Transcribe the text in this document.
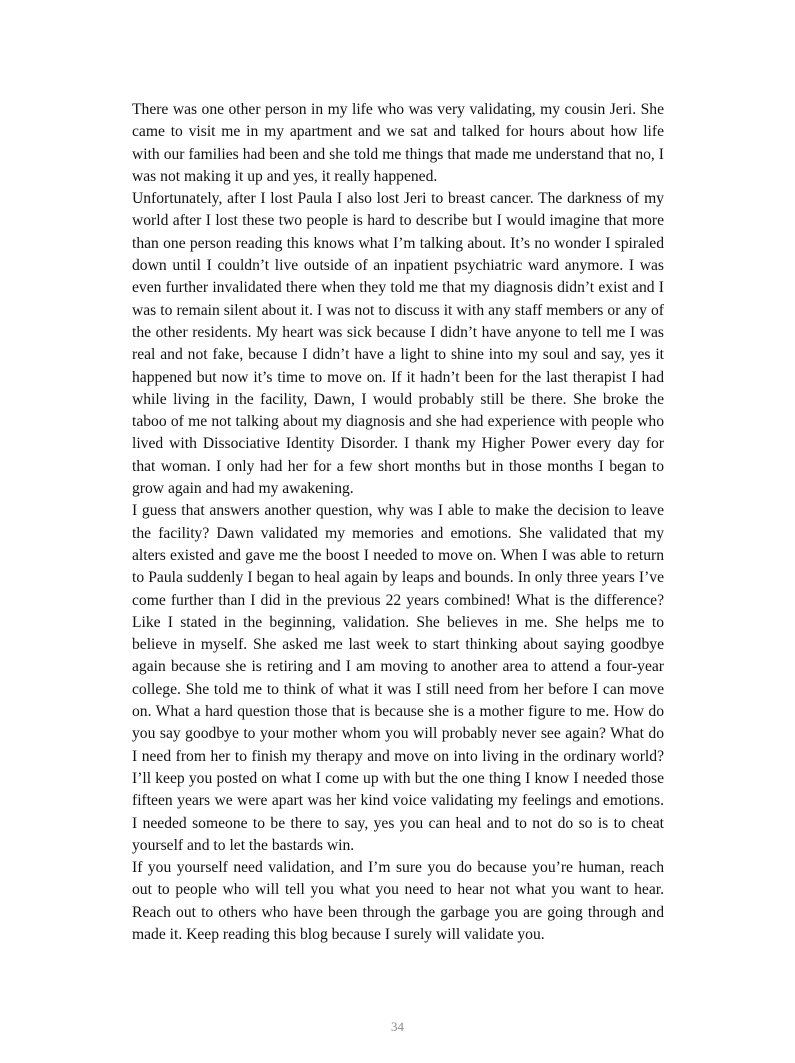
There was one other person in my life who was very validating, my cousin Jeri. She came to visit me in my apartment and we sat and talked for hours about how life with our families had been and she told me things that made me understand that no, I was not making it up and yes, it really happened.

Unfortunately, after I lost Paula I also lost Jeri to breast cancer. The darkness of my world after I lost these two people is hard to describe but I would imagine that more than one person reading this knows what I’m talking about. It’s no wonder I spiraled down until I couldn’t live outside of an inpatient psychiatric ward anymore. I was even further invalidated there when they told me that my diagnosis didn’t exist and I was to remain silent about it. I was not to discuss it with any staff members or any of the other residents. My heart was sick because I didn’t have anyone to tell me I was real and not fake, because I didn’t have a light to shine into my soul and say, yes it happened but now it’s time to move on. If it hadn’t been for the last therapist I had while living in the facility, Dawn, I would probably still be there. She broke the taboo of me not talking about my diagnosis and she had experience with people who lived with Dissociative Identity Disorder. I thank my Higher Power every day for that woman. I only had her for a few short months but in those months I began to grow again and had my awakening.

I guess that answers another question, why was I able to make the decision to leave the facility? Dawn validated my memories and emotions. She validated that my alters existed and gave me the boost I needed to move on. When I was able to return to Paula suddenly I began to heal again by leaps and bounds. In only three years I’ve come further than I did in the previous 22 years combined! What is the difference? Like I stated in the beginning, validation. She believes in me. She helps me to believe in myself. She asked me last week to start thinking about saying goodbye again because she is retiring and I am moving to another area to attend a four-year college. She told me to think of what it was I still need from her before I can move on. What a hard question those that is because she is a mother figure to me. How do you say goodbye to your mother whom you will probably never see again? What do I need from her to finish my therapy and move on into living in the ordinary world? I’ll keep you posted on what I come up with but the one thing I know I needed those fifteen years we were apart was her kind voice validating my feelings and emotions. I needed someone to be there to say, yes you can heal and to not do so is to cheat yourself and to let the bastards win.

If you yourself need validation, and I’m sure you do because you’re human, reach out to people who will tell you what you need to hear not what you want to hear. Reach out to others who have been through the garbage you are going through and made it. Keep reading this blog because I surely will validate you.

34
